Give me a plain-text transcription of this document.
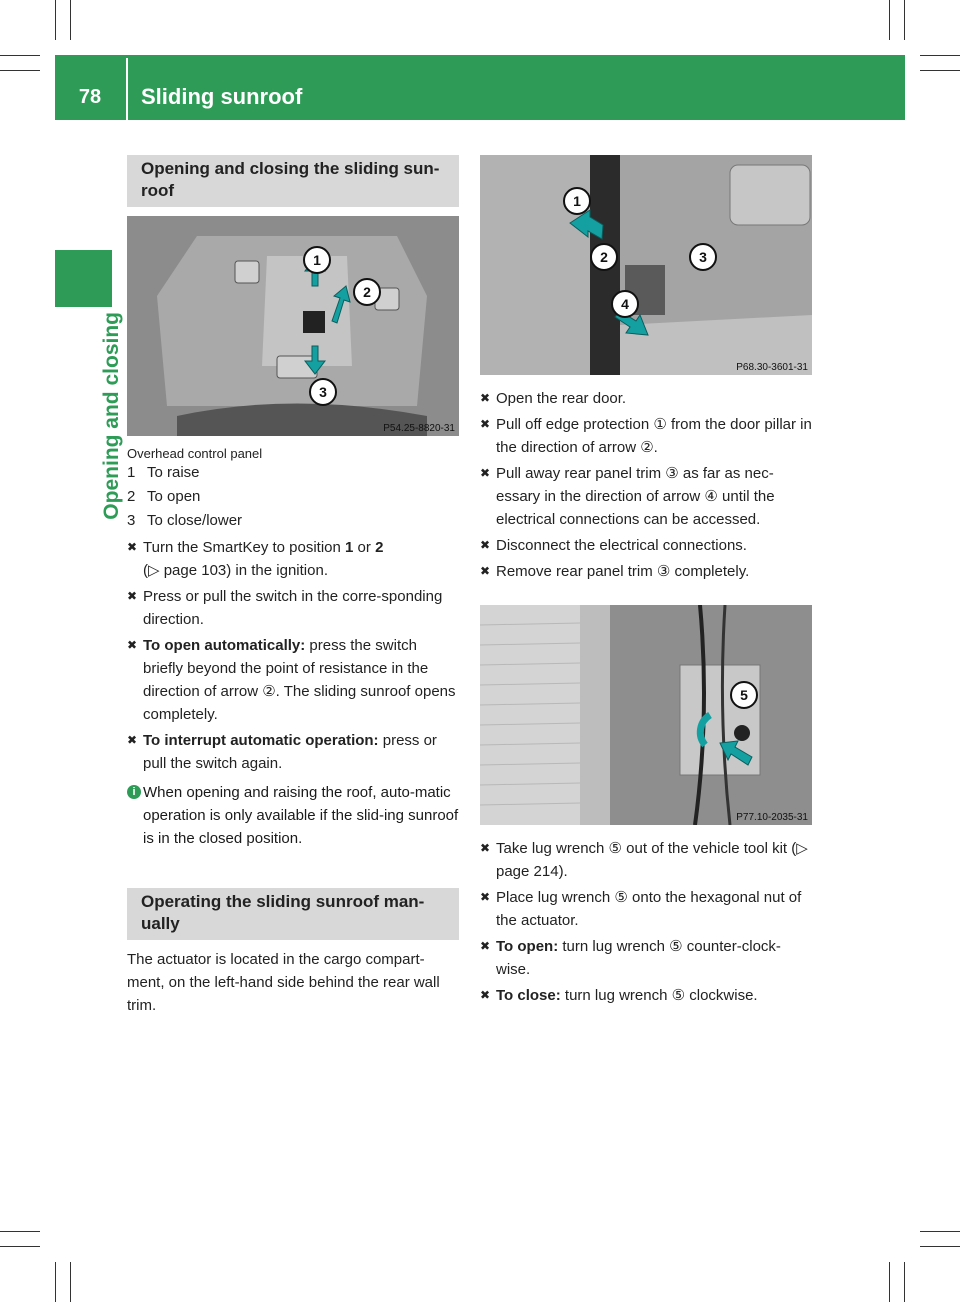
78	Sliding sunroof
Opening and closing
Opening and closing the sliding sun-roof
1
2
3
P54.25-8820-31
Overhead control panel
1 To raise
2 To open
3 To close/lower
✖ Turn the SmartKey to position 1 or 2
(▷ page 103) in the ignition.
✖ Press or pull the switch in the corre-sponding direction.
✖ To open automatically: press the switch briefly beyond the point of resistance in the direction of arrow ②. The sliding sunroof opens completely.
✖ To interrupt automatic operation: press or pull the switch again.
i When opening and raising the roof, auto-matic operation is only available if the slid-ing sunroof is in the closed position.
Operating the sliding sunroof man-ually
The actuator is located in the cargo compart-ment, on the left-hand side behind the rear wall trim.
1
2	3
4
P68.30-3601-31
✖ Open the rear door.
✖ Pull off edge protection ① from the door pillar in the direction of arrow ②.
✖ Pull away rear panel trim ③ as far as nec-essary in the direction of arrow ④ until the electrical connections can be accessed.
✖ Disconnect the electrical connections.
✖ Remove rear panel trim ③ completely.
5
P77.10-2035-31
✖ Take lug wrench ⑤ out of the vehicle tool kit (▷ page 214).
✖ Place lug wrench ⑤ onto the hexagonal nut of the actuator.
✖ To open: turn lug wrench ⑤ counter-clock-wise.
✖ To close: turn lug wrench ⑤ clockwise.
